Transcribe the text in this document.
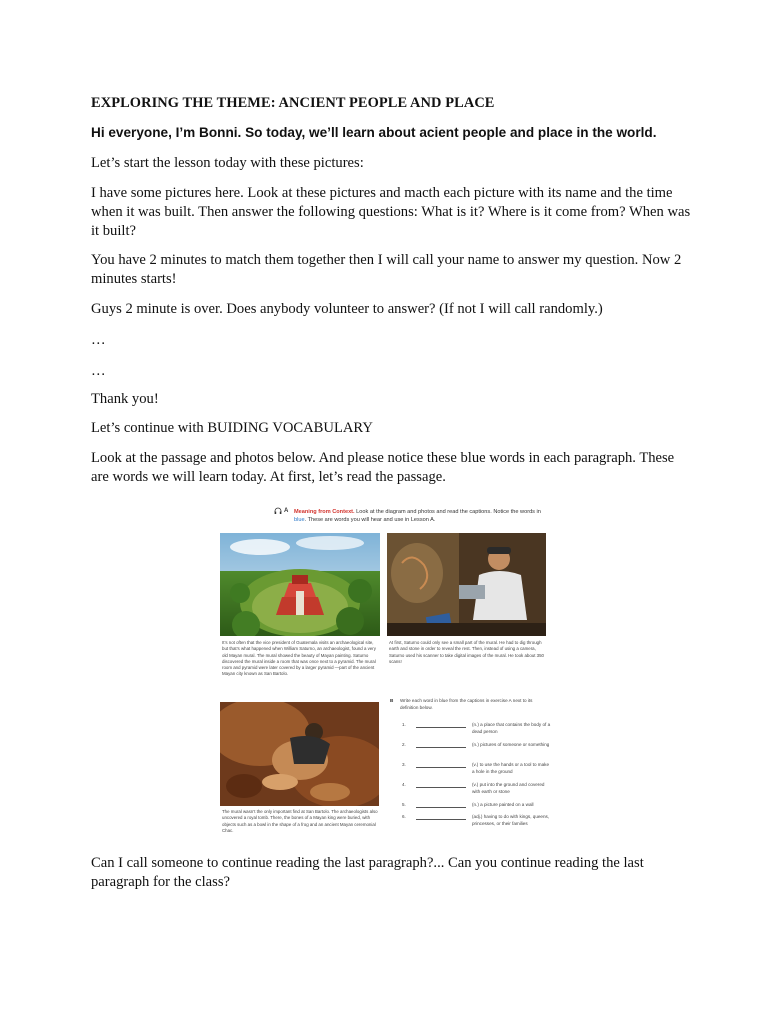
EXPLORING THE THEME: ANCIENT PEOPLE AND PLACE

Hi everyone, I’m Bonni. So today, we’ll learn about acient people and place in the world.

Let’s start the lesson today with these pictures:

I have some pictures here. Look at these pictures and macth each picture with its name and the time when it was built. Then answer the following questions: What is it? Where is it come from? When was it built?

You have 2 minutes to match them together then I will call your name to answer my question. Now 2 minutes starts!

Guys 2 minute is over. Does anybody volunteer to answer? (If not I will call randomly.)

…

…

Thank you!

Let’s continue with BUIDING VOCABULARY

Look at the passage and photos below. And please notice these blue words in each paragraph. These are words we will learn today. At first, let’s read the passage.

A Meaning from Context. Look at the diagram and photos and read the captions. Notice the words in blue. These are words you will hear and use in Lesson A.

It’s not often that the vice president of Guatemala visits an archaeological site, but that’s what happened when William Saturno, an archaeologist, found a very old Mayan mural. The mural showed the beauty of Mayan painting. Saturno discovered the mural inside a room that was once next to a pyramid. The mural room and pyramid were later covered by a larger pyramid —part of the ancient Mayan city known as San Bartolo.

At first, Saturno could only see a small part of the mural. He had to dig through earth and stone in order to reveal the rest. Then, instead of using a camera, Saturno used his scanner to take digital images of the mural. He took about 350 scans!

The mural wasn’t the only important find at San Bartolo. The archaeologists also uncovered a royal tomb. There, the bones of a Mayan king were buried, with objects such as a bowl in the shape of a frog and an ancient Mayan ceremonial Chac.

B Write each word in blue from the captions in exercise A next to its definition below.
1.	(n.) a place that contains the body of a dead person
2.	(n.) pictures of someone or something
3.	(v.) to use the hands or a tool to make a hole in the ground
4.	(v.) put into the ground and covered with earth or stone
5.	(n.) a picture painted on a wall
6.	(adj.) having to do with kings, queens, princesses, or their families

Can I call someone to continue reading the last paragraph?... Can you continue reading the last paragraph for the class?
